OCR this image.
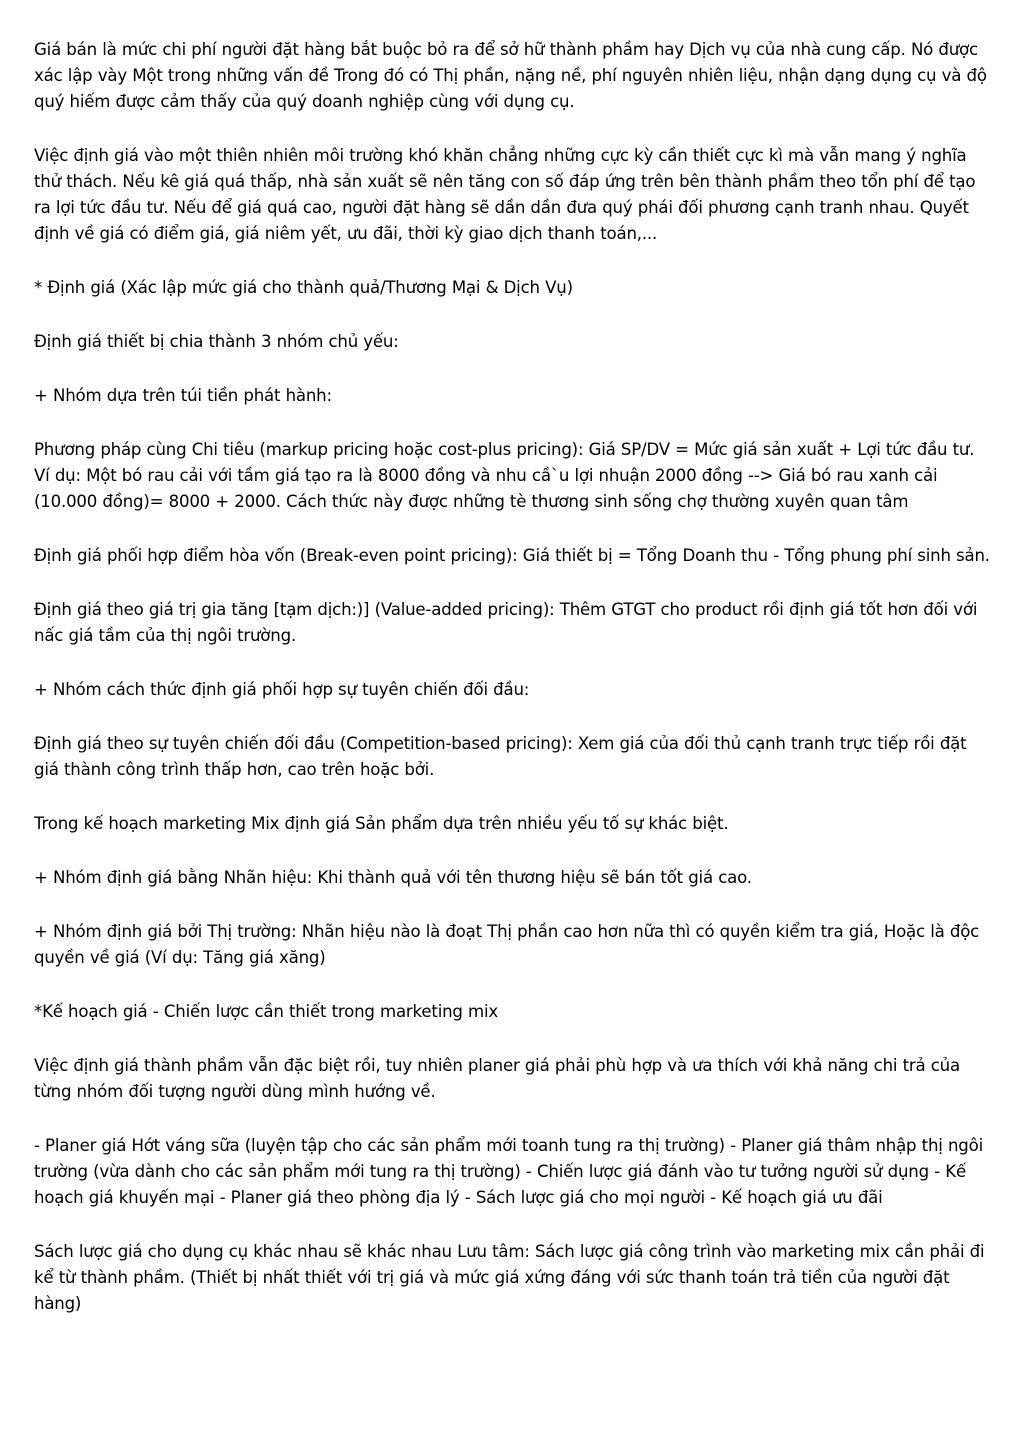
Giá bán là mức chi phí người đặt hàng bắt buộc bỏ ra để sở hữ thành phầm hay Dịch vụ của nhà cung cấp. Nó được xác lập vày Một trong những vấn đề Trong đó có Thị phần, nặng nề, phí nguyên nhiên liệu, nhận dạng dụng cụ và độ quý hiếm được cảm thấy của quý doanh nghiệp cùng với dụng cụ.

Việc định giá vào một thiên nhiên môi trường khó khăn chẳng những cực kỳ cần thiết cực kì mà vẫn mang ý nghĩa thử thách. Nếu kê giá quá thấp, nhà sản xuất sẽ nên tăng con số đáp ứng trên bên thành phầm theo tổn phí để tạo ra lợi tức đầu tư. Nếu để giá quá cao, người đặt hàng sẽ dần dần đưa quý phái đối phương cạnh tranh nhau. Quyết định về giá có điểm giá, giá niêm yết, ưu đãi, thời kỳ giao dịch thanh toán,...

* Định giá (Xác lập mức giá cho thành quả/Thương Mại & Dịch Vụ)

Định giá thiết bị chia thành 3 nhóm chủ yếu:

+ Nhóm dựa trên túi tiền phát hành:

Phương pháp cùng Chi tiêu (markup pricing hoặc cost-plus pricing): Giá SP/DV = Mức giá sản xuất + Lợi tức đầu tư. Ví dụ: Một bó rau cải với tầm giá tạo ra là 8000 đồng và nhu cầ`u lợi nhuận 2000 đồng --> Giá bó rau xanh cải (10.000 đồng)= 8000 + 2000. Cách thức này được những tè thương sinh sống chợ thường xuyên quan tâm

Định giá phối hợp điểm hòa vốn (Break-even point pricing): Giá thiết bị = Tổng Doanh thu - Tổng phung phí sinh sản.

Định giá theo giá trị gia tăng [tạm dịch:)] (Value-added pricing): Thêm GTGT cho product rồi định giá tốt hơn đối với nấc giá tầm của thị ngôi trường.

+ Nhóm cách thức định giá phối hợp sự tuyên chiến đối đầu:

Định giá theo sự tuyên chiến đối đầu (Competition-based pricing): Xem giá của đối thủ cạnh tranh trực tiếp rồi đặt giá thành công trình thấp hơn, cao trên hoặc bởi.

Trong kế hoạch marketing Mix định giá Sản phẩm dựa trên nhiều yếu tố sự khác biệt.

+ Nhóm định giá bằng Nhãn hiệu: Khi thành quả với tên thương hiệu sẽ bán tốt giá cao.

+ Nhóm định giá bởi Thị trường: Nhãn hiệu nào là đoạt Thị phần cao hơn nữa thì có quyền kiểm tra giá, Hoặc là độc quyền về giá (Ví dụ: Tăng giá xăng)

*Kế hoạch giá - Chiến lược cần thiết trong marketing mix

Việc định giá thành phầm vẫn đặc biệt rồi, tuy nhiên planer giá phải phù hợp và ưa thích với khả năng chi trả của từng nhóm đối tượng người dùng mình hướng về.

- Planer giá Hớt váng sữa (luyện tập cho các sản phẩm mới toanh tung ra thị trường) - Planer giá thâm nhập thị ngôi trường (vừa dành cho các sản phẩm mới tung ra thị trường) - Chiến lược giá đánh vào tư tưởng người sử dụng - Kế hoạch giá khuyến mại - Planer giá theo phòng địa lý - Sách lược giá cho mọi người - Kế hoạch giá ưu đãi

Sách lược giá cho dụng cụ khác nhau sẽ khác nhau Lưu tâm: Sách lược giá công trình vào marketing mix cần phải đi kể từ thành phầm. (Thiết bị nhất thiết với trị giá và mức giá xứng đáng với sức thanh toán trả tiền của người đặt hàng)
